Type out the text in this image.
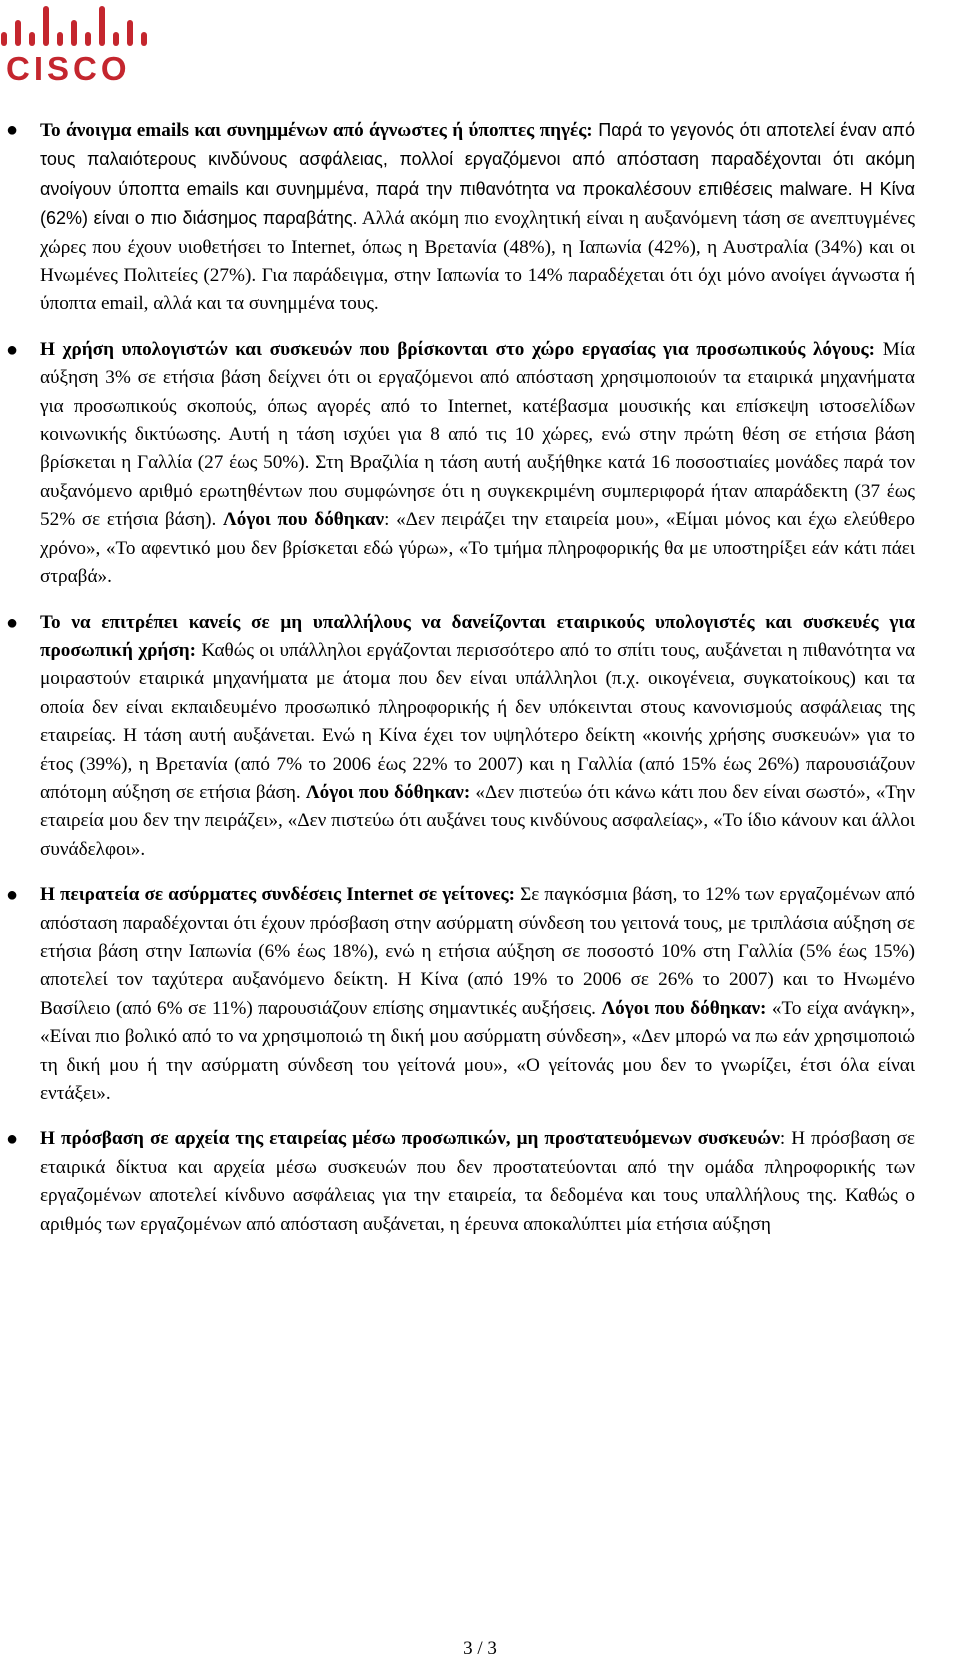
CISCO
● Το άνοιγμα emails και συνημμένων από άγνωστες ή ύποπτες πηγές: Παρά το γεγονός ότι αποτελεί έναν από τους παλαιότερους κινδύνους ασφάλειας, πολλοί εργαζόμενοι από απόσταση παραδέχονται ότι ακόμη ανοίγουν ύποπτα emails και συνημμένα, παρά την πιθανότητα να προκαλέσουν επιθέσεις malware. Η Κίνα (62%) είναι ο πιο διάσημος παραβάτης. Αλλά ακόμη πιο ενοχλητική είναι η αυξανόμενη τάση σε ανεπτυγμένες χώρες που έχουν υιοθετήσει το Internet, όπως η Βρετανία (48%), η Ιαπωνία (42%), η Αυστραλία (34%) και οι Ηνωμένες Πολιτείες (27%). Για παράδειγμα, στην Ιαπωνία το 14% παραδέχεται ότι όχι μόνο ανοίγει άγνωστα ή ύποπτα email, αλλά και τα συνημμένα τους.

● Η χρήση υπολογιστών και συσκευών που βρίσκονται στο χώρο εργασίας για προσωπικούς λόγους: Μία αύξηση 3% σε ετήσια βάση δείχνει ότι οι εργαζόμενοι από απόσταση χρησιμοποιούν τα εταιρικά μηχανήματα για προσωπικούς σκοπούς, όπως αγορές από το Internet, κατέβασμα μουσικής και επίσκεψη ιστοσελίδων κοινωνικής δικτύωσης. Αυτή η τάση ισχύει για 8 από τις 10 χώρες, ενώ στην πρώτη θέση σε ετήσια βάση βρίσκεται η Γαλλία (27 έως 50%). Στη Βραζιλία η τάση αυτή αυξήθηκε κατά 16 ποσοστιαίες μονάδες παρά τον αυξανόμενο αριθμό ερωτηθέντων που συμφώνησε ότι η συγκεκριμένη συμπεριφορά ήταν απαράδεκτη (37 έως 52% σε ετήσια βάση). Λόγοι που δόθηκαν: «Δεν πειράζει την εταιρεία μου», «Είμαι μόνος και έχω ελεύθερο χρόνο», «Το αφεντικό μου δεν βρίσκεται εδώ γύρω», «Το τμήμα πληροφορικής θα με υποστηρίξει εάν κάτι πάει στραβά».

● Το να επιτρέπει κανείς σε μη υπαλλήλους να δανείζονται εταιρικούς υπολογιστές και συσκευές για προσωπική χρήση: Καθώς οι υπάλληλοι εργάζονται περισσότερο από το σπίτι τους, αυξάνεται η πιθανότητα να μοιραστούν εταιρικά μηχανήματα με άτομα που δεν είναι υπάλληλοι (π.χ. οικογένεια, συγκατοίκους) και τα οποία δεν είναι εκπαιδευμένο προσωπικό πληροφορικής ή δεν υπόκεινται στους κανονισμούς ασφάλειας της εταιρείας. Η τάση αυτή αυξάνεται. Ενώ η Κίνα έχει τον υψηλότερο δείκτη «κοινής χρήσης συσκευών» για το έτος (39%), η Βρετανία (από 7% το 2006 έως 22% το 2007) και η Γαλλία (από 15% έως 26%) παρουσιάζουν απότομη αύξηση σε ετήσια βάση. Λόγοι που δόθηκαν: «Δεν πιστεύω ότι κάνω κάτι που δεν είναι σωστό», «Την εταιρεία μου δεν την πειράζει», «Δεν πιστεύω ότι αυξάνει τους κινδύνους ασφαλείας», «Το ίδιο κάνουν και άλλοι συνάδελφοι».

● Η πειρατεία σε ασύρματες συνδέσεις Internet σε γείτονες: Σε παγκόσμια βάση, το 12% των εργαζομένων από απόσταση παραδέχονται ότι έχουν πρόσβαση στην ασύρματη σύνδεση του γειτονά τους, με τριπλάσια αύξηση σε ετήσια βάση στην Ιαπωνία (6% έως 18%), ενώ η ετήσια αύξηση σε ποσοστό 10% στη Γαλλία (5% έως 15%) αποτελεί τον ταχύτερα αυξανόμενο δείκτη. Η Κίνα (από 19% το 2006 σε 26% το 2007) και το Ηνωμένο Βασίλειο (από 6% σε 11%) παρουσιάζουν επίσης σημαντικές αυξήσεις. Λόγοι που δόθηκαν: «Το είχα ανάγκη», «Είναι πιο βολικό από το να χρησιμοποιώ τη δική μου ασύρματη σύνδεση», «Δεν μπορώ να πω εάν χρησιμοποιώ τη δική μου ή την ασύρματη σύνδεση του γείτονά μου», «Ο γείτονάς μου δεν το γνωρίζει, έτσι όλα είναι εντάξει».

● Η πρόσβαση σε αρχεία της εταιρείας μέσω προσωπικών, μη προστατευόμενων συσκευών: Η πρόσβαση σε εταιρικά δίκτυα και αρχεία μέσω συσκευών που δεν προστατεύονται από την ομάδα πληροφορικής των εργαζομένων αποτελεί κίνδυνο ασφάλειας για την εταιρεία, τα δεδομένα και τους υπαλλήλους της. Καθώς ο αριθμός των εργαζομένων από απόσταση αυξάνεται, η έρευνα αποκαλύπτει μία ετήσια αύξηση

3 / 3
